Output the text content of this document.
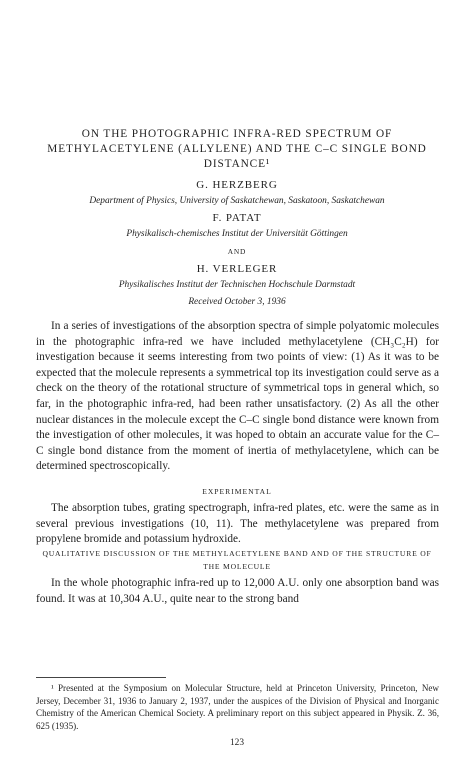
ON THE PHOTOGRAPHIC INFRA-RED SPECTRUM OF METHYLACETYLENE (ALLYLENE) AND THE C–C SINGLE BOND DISTANCE¹
G. HERZBERG
Department of Physics, University of Saskatchewan, Saskatoon, Saskatchewan
F. PATAT
Physikalisch-chemisches Institut der Universität Göttingen
AND
H. VERLEGER
Physikalisches Institut der Technischen Hochschule Darmstadt
Received October 3, 1936

In a series of investigations of the absorption spectra of simple polyatomic molecules in the photographic infra-red we have included methylacetylene (CH₃C₂H) for investigation because it seems interesting from two points of view: (1) As it was to be expected that the molecule represents a symmetrical top its investigation could serve as a check on the theory of the rotational structure of symmetrical tops in general which, so far, in the photographic infra-red, had been rather unsatisfactory. (2) As all the other nuclear distances in the molecule except the C–C single bond distance were known from the investigation of other molecules, it was hoped to obtain an accurate value for the C–C single bond distance from the moment of inertia of methylacetylene, which can be determined spectroscopically.

EXPERIMENTAL

The absorption tubes, grating spectrograph, infra-red plates, etc. were the same as in several previous investigations (10, 11). The methylacetylene was prepared from propylene bromide and potassium hydroxide.

QUALITATIVE DISCUSSION OF THE METHYLACETYLENE BAND AND OF THE STRUCTURE OF THE MOLECULE

In the whole photographic infra-red up to 12,000 A.U. only one absorption band was found. It was at 10,304 A.U., quite near to the strong band

¹ Presented at the Symposium on Molecular Structure, held at Princeton University, Princeton, New Jersey, December 31, 1936 to January 2, 1937, under the auspices of the Division of Physical and Inorganic Chemistry of the American Chemical Society. A preliminary report on this subject appeared in Physik. Z. 36, 625 (1935).

123
